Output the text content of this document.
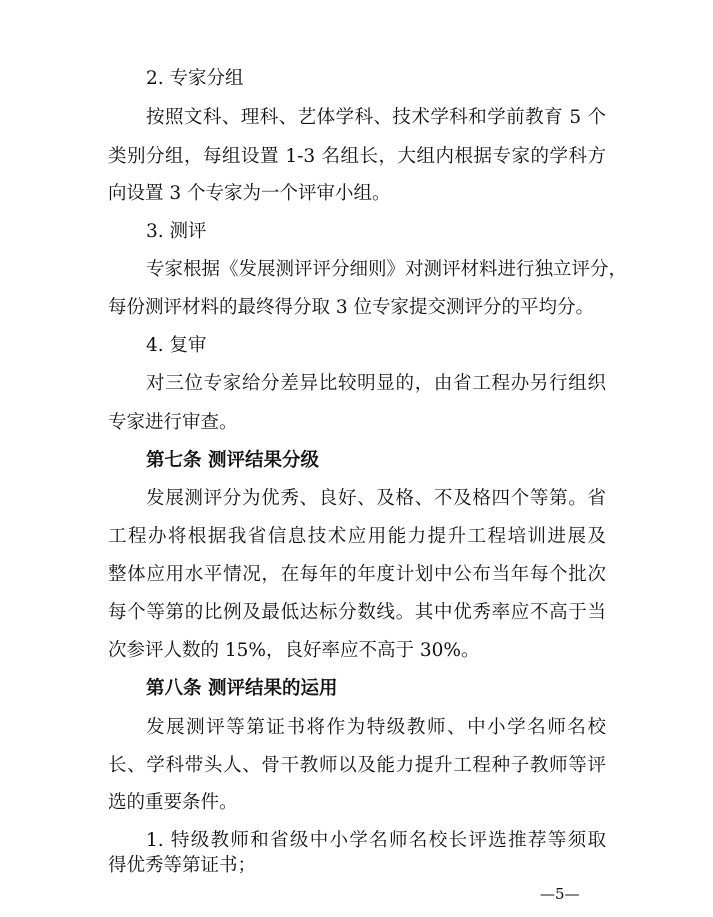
2. 专家分组
按照文科、理科、艺体学科、技术学科和学前教育 5 个
类别分组，每组设置 1-3 名组长，大组内根据专家的学科方
向设置 3 个专家为一个评审小组。
3. 测评
专家根据《发展测评评分细则》对测评材料进行独立评分，
每份测评材料的最终得分取 3 位专家提交测评分的平均分。
4. 复审
对三位专家给分差异比较明显的，由省工程办另行组织
专家进行审查。
第七条 测评结果分级
发展测评分为优秀、良好、及格、不及格四个等第。省
工程办将根据我省信息技术应用能力提升工程培训进展及
整体应用水平情况，在每年的年度计划中公布当年每个批次
每个等第的比例及最低达标分数线。其中优秀率应不高于当
次参评人数的 15%，良好率应不高于 30%。
第八条 测评结果的运用
发展测评等第证书将作为特级教师、中小学名师名校
长、学科带头人、骨干教师以及能力提升工程种子教师等评
选的重要条件。
1. 特级教师和省级中小学名师名校长评选推荐等须取
得优秀等第证书；
—5—
